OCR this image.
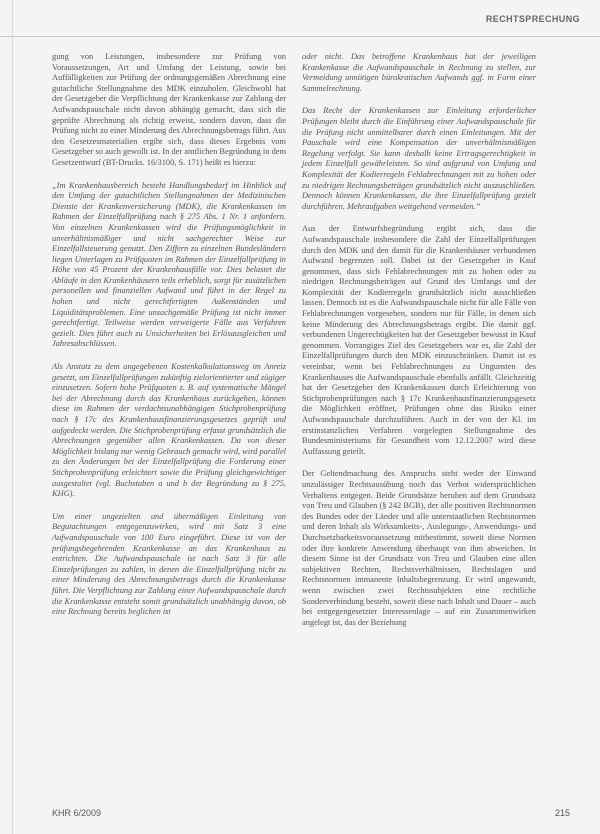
RECHTSPRECHUNG

gung von Leistungen, insbesondere zur Prüfung von Voraussetzungen, Art und Umfang der Leistung, sowie bei Auffälligkeiten zur Prüfung der ordnungsgemäßen Abrechnung eine gutachtliche Stellungnahme des MDK einzuholen. Gleichwohl hat der Gesetzgeber die Verpflichtung der Krankenkasse zur Zahlung der Aufwandspauschale nicht davon abhängig gemacht, dass sich die geprüfte Abrechnung als richtig erweist, sondern davon, dass die Prüfung nicht zu einer Minderung des Abrechnungsbetrags führt. Aus den Gesetzesmaterialien ergibt sich, dass dieses Ergebnis vom Gesetzgeber so auch gewollt ist. In der amtlichen Begründung in dem Gesetzentwurf (BT-Drucks. 16/3100, S. 171) heißt es hierzu:

„Im Krankenhausbereich besteht Handlungsbedarf im Hinblick auf den Umfang der gutachtlichen Stellungnahmen der Medizinischen Dienste der Krankenversicherung (MDK), die Krankenkassen im Rahmen der Einzelfallprüfung nach § 275 Abs. 1 Nr. 1 anfordern. Von einzelnen Krankenkassen wird die Prüfungsmöglichkeit in unverhältnismäßiger und nicht sachgerechter Weise zur Einzelfallsteuerung genutzt. Den Ziffern zu einzelnen Bundesländern liegen Unterlagen zu Prüfquoten im Rahmen der Einzelfallprüfung in Höhe von 45 Prozent der Krankenhausfälle vor. Dies belastet die Abläufe in den Krankenhäusern teils erheblich, sorgt für zusätzlichen personellen und finanziellen Aufwand und führt in der Regel zu hohen und nicht gerechtfertigten Außenständen und Liquiditätsproblemen. Eine unsachgemäße Prüfung ist nicht immer gerechtfertigt. Teilweise werden verweigerte Fälle aus Verfahren gezielt. Dies führt auch zu Unsicherheiten bei Erlösausgleichen und Jahresabschlüssen.

Als Anstatz zu dem angegebenen Kostenkalkulationsweg im Anreiz gesetzt, um Einzelfallprüfungen zukünftig zielorientierter und zügiger einzusetzen. Sofern hohe Prüfquoten z. B. auf systematische Mängel bei der Abrechnung durch das Krankenhaus zurückgehen, können diese im Rahmen der verdachtsunabhängigen Stichprobenprüfung nach § 17c des Krankenhausfinanzierungsgesetzes geprüft und aufgedeckt werden. Die Stichprobenprüfung erfasst grundsätzlich die Abrechnungen gegenüber allen Krankenkassen. Da von dieser Möglichkeit bislang nur wenig Gebrauch gemacht wird, wird parallel zu den Änderungen bei der Einzelfallprüfung die Forderung einer Stichprobenprüfung erleichtert sowie die Prüfung gleichgewichtiger ausgestaltet (vgl. Buchstaben a und b der Begründung zu § 275, KHG).

Um einer ungezielten und übermäßigen Einleitung von Begutachtungen entgegenzuwirken, wird mit Satz 3 eine Aufwandspauschale von 100 Euro eingeführt. Diese ist von der prüfungsbegehrenden Krankenkasse an das Krankenhaus zu entrichten. Die Aufwandspauschale ist nach Satz 3 für alle Einzelprüfungen zu zahlen, in denen die Einzelfallprüfung nicht zu einer Minderung des Abrechnungsbetrags durch die Krankenkasse führt. Die Verpflichtung zur Zahlung einer Aufwandspauschale durch die Krankenkasse entsteht somit grundsätzlich unabhängig davon, ob eine Rechnung bereits beglichen ist

oder nicht. Das betroffene Krankenhaus hat der jeweiligen Krankenkasse die Aufwandspauschale in Rechnung zu stellen, zur Vermeidung unnötigen bürokratischen Aufwands ggf. in Form einer Sammelrechnung.

Das Recht der Krankenkassen zur Einleitung erforderlicher Prüfungen bleibt durch die Einführung einer Aufwandspauschale für die Prüfung nicht unmittelbarer durch einen Einleitungen. Mit der Pauschale wird eine Kompensation der unverhältnismäßigen Regelung verfolgt. Sie kann deshalb keine Ertragsgerechtigkeit in jedem Einzelfall gewährleisten. So sind aufgrund von Umfang und Komplexität der Kodierregeln Fehlabrechnungen mit zu hohen oder zu niedrigen Rechnungsbeträgen grundsätzlich nicht auszuschließen. Dennoch können Krankenkassen, die ihre Einzelfallprüfung gezielt durchführen, Mehraufgaben weitgehend vermeiden.”

Aus der Entwurfsbegründung ergibt sich, dass die Aufwandspauschale insbesondere die Zahl der Einzelfallprüfungen durch den MDK und den damit für die Krankenhäuser verbundenen Aufwand begrenzen soll. Dabei ist der Gesetzgeber in Kauf genommen, dass sich Fehlabrechnungen mit zu hohen oder zu niedrigen Rechnungsbeträgen auf Grund des Umfangs und der Komplexität der Kodierregeln grundsätzlich nicht ausschließen lassen. Dennoch ist es die Aufwandspauschale nicht für alle Fälle von Fehlabrechnungen vorgesehen, sondern nur für Fälle, in denen sich keine Minderung des Abrechnungsbetrags ergibt. Die damit ggf. verbundenen Ungerechtigkeiten hat der Gesetzgeber bewusst in Kauf genommen. Vorrangiges Ziel des Gesetzgebers war es, die Zahl der Einzelfallprüfungen durch den MDK einzuschränken. Damit ist es vereinbar, wenn bei Fehlabrechnungen zu Ungunsten des Krankenhauses die Aufwandspauschale ebenfalls anfällt. Gleichzeitig hat der Gesetzgeber den Krankenkassen durch Erleichterung von Stichprobenprüfungen nach § 17c Krankenhausfinanzierungsgesetz die Möglichkeit eröffnet, Prüfungen ohne das Risiko einer Aufwandspauschale durchzuführen. Auch in der von der Kl. im erstinstanzlichen Verfahren vorgelegten Stellungnahme des Bundesministeriums für Gesundheit vom 12.12.2007 wird diese Auffassung geteilt.

Der Geltendmachung des Anspruchs steht weder der Einwand unzulässiger Rechtsausübung noch das Verbot widersprüchlichen Verhaltens entgegen. Beide Grundsätze beruhen auf dem Grundsatz von Treu und Glauben (§ 242 BGB), der alle positiven Rechtsnormen des Bundes oder der Länder und alle unterstaatlichen Rechtsnormen und deren Inhalt als Wirksamkeits-, Auslegungs-, Anwendungs- und Durchsetzbarkeitsvoraussetzung mitbestimmt, soweit diese Normen oder ihre konkrete Anwendung überhaupt von ihm abweichen. In diesem Sinne ist der Grundsatz von Treu und Glauben eine allen subjektiven Rechten, Rechtsverhältnissen, Rechtslagen und Rechtsnormen immanente Inhaltsbegrenzung. Er wird angewandt, wenn zwischen zwei Rechtssubjekten eine rechtliche Sonderverbindung besteht, soweit diese nach Inhalt und Dauer – auch bei entgegengesetzter Interessenlage – auf ein Zusammenwirken angelegt ist, das der Beziehung

KHR 6/2009	215
